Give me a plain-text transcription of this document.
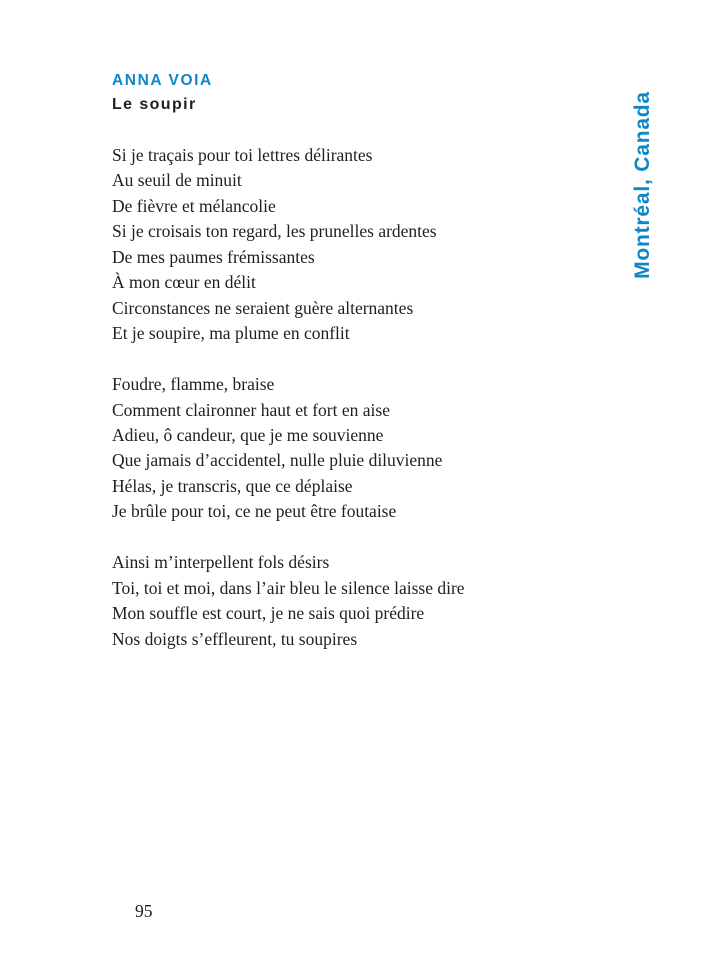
ANNA VOIA
Le soupir
Si je traçais pour toi lettres délirantes
Au seuil de minuit
De fièvre et mélancolie
Si je croisais ton regard, les prunelles ardentes
De mes paumes frémissantes
À mon cœur en délit
Circonstances ne seraient guère alternantes
Et je soupire, ma plume en conflit
Foudre, flamme, braise
Comment claironner haut et fort en aise
Adieu, ô candeur, que je me souvienne
Que jamais d’accidentel, nulle pluie diluvienne
Hélas, je transcris, que ce déplaise
Je brûle pour toi, ce ne peut être foutaise
Ainsi m’interpellent fols désirs
Toi, toi et moi, dans l’air bleu le silence laisse dire
Mon souffle est court, je ne sais quoi prédire
Nos doigts s’effleurent, tu soupires
Montréal, Canada
95
